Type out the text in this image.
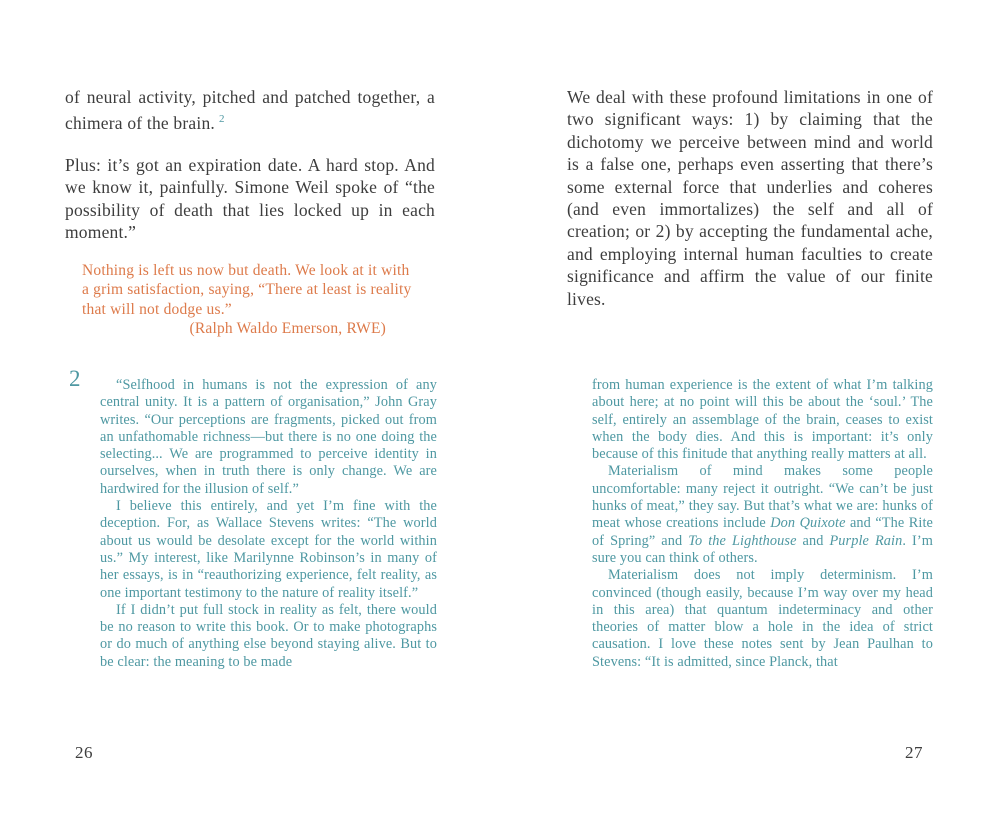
of neural activity, pitched and patched together, a chimera of the brain. $^2$

Plus: it’s got an expiration date. A hard stop. And we know it, painfully. Simone Weil spoke of “the possibility of death that lies locked up in each moment.”

Nothing is left us now but death. We look at it with a grim satisfaction, saying, “There at least is reality that will not dodge us.”

(Ralph Waldo Emerson, RWE)

2	“Selfhood in humans is not the expression of any central unity. It is a pattern of organisation,” John Gray writes. “Our perceptions are fragments, picked out from an unfathomable richness—but there is no one doing the selecting... We are programmed to perceive identity in ourselves, when in truth there is only change. We are hardwired for the illusion of self.”

I believe this entirely, and yet I’m fine with the deception. For, as Wallace Stevens writes: “The world about us would be desolate except for the world within us.” My interest, like Marilynne Robinson’s in many of her essays, is in “reauthorizing experience, felt reality, as one important testimony to the nature of reality itself.”

If I didn’t put full stock in reality as felt, there would be no reason to write this book. Or to make photographs or do much of anything else beyond staying alive. But to be clear: the meaning to be made

26

We deal with these profound limitations in one of two significant ways: 1) by claiming that the dichotomy we perceive between mind and world is a false one, perhaps even asserting that there’s some external force that underlies and coheres (and even immortalizes) the self and all of creation; or 2) by accepting the fundamental ache, and employing internal human faculties to create significance and affirm the value of our finite lives.

from human experience is the extent of what I’m talking about here; at no point will this be about the ‘soul.’ The self, entirely an assemblage of the brain, ceases to exist when the body dies. And this is important: it’s only because of this finitude that anything really matters at all.

Materialism of mind makes some people uncomfortable: many reject it outright. “We can’t be just hunks of meat,” they say. But that’s what we are: hunks of meat whose creations include Don Quixote and “The Rite of Spring” and To the Lighthouse and Purple Rain. I’m sure you can think of others.

Materialism does not imply determinism. I’m convinced (though easily, because I’m way over my head in this area) that quantum indeterminacy and other theories of matter blow a hole in the idea of strict causation. I love these notes sent by Jean Paulhan to Stevens: “It is admitted, since Planck, that

27
